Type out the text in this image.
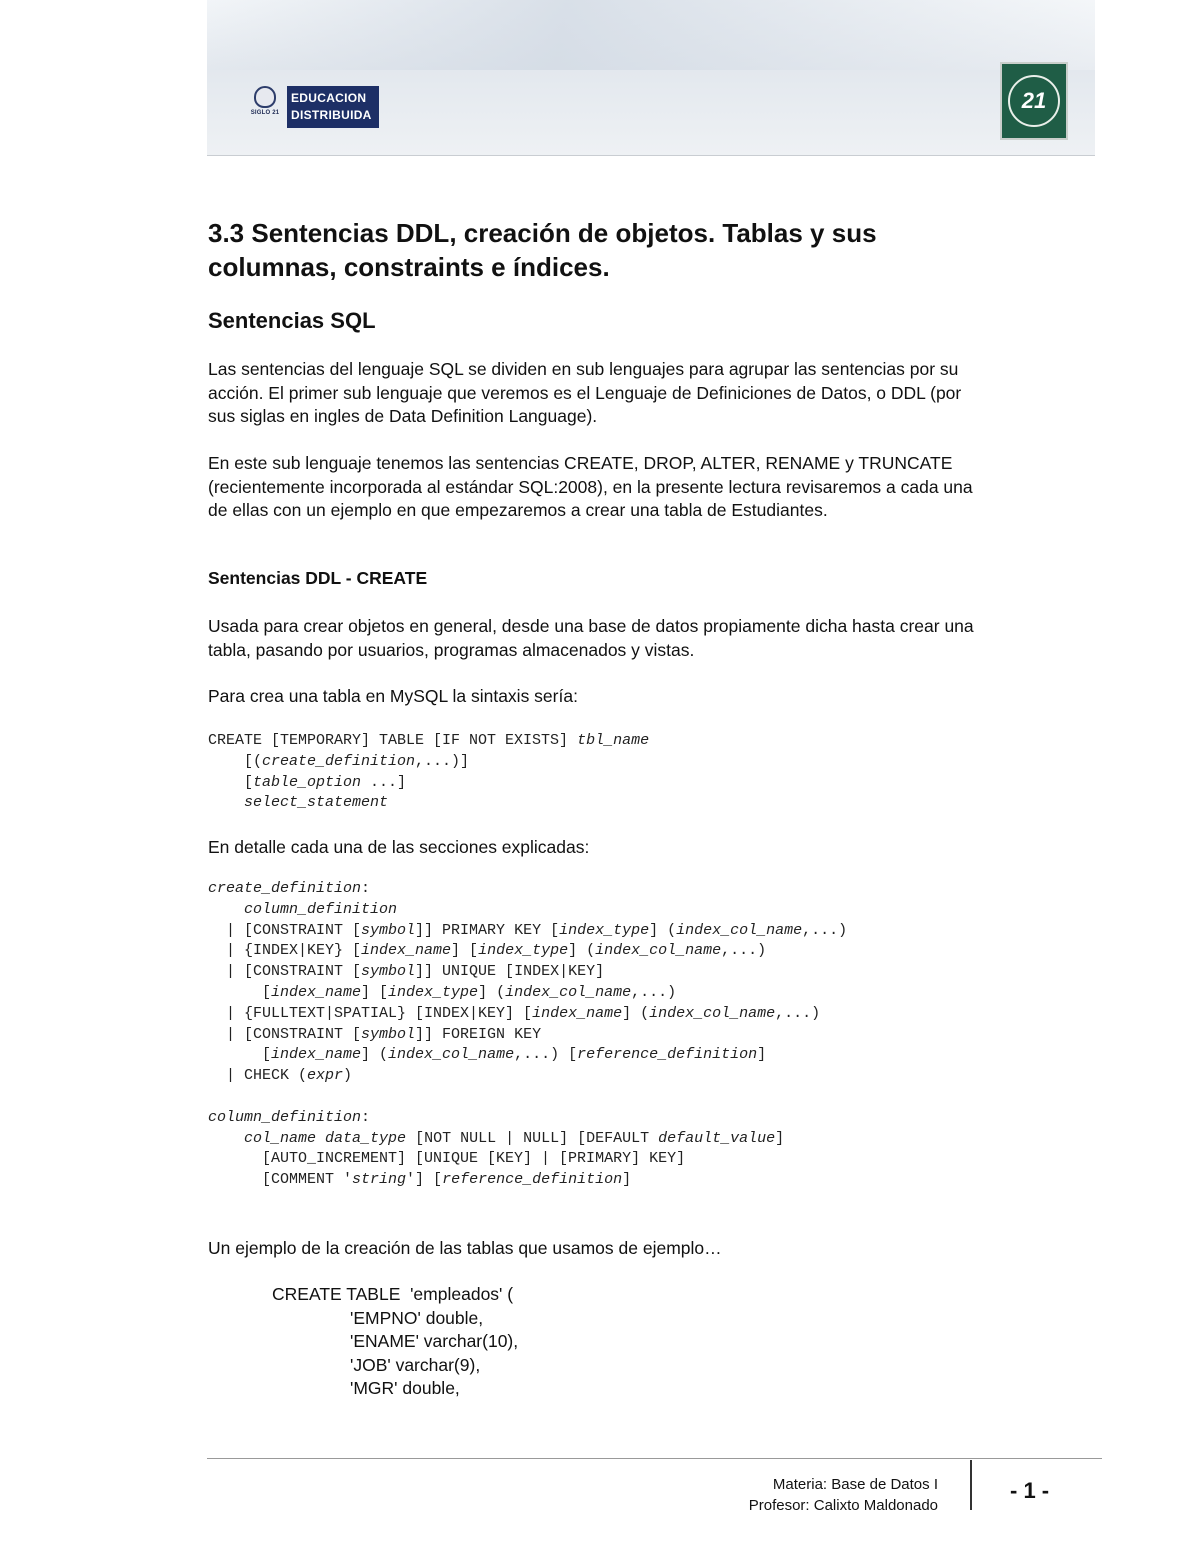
SIGLO 21
EDUCACION
DISTRIBUIDA
21
3.3 Sentencias DDL, creación de objetos. Tablas y sus
columnas, constraints e índices.
Sentencias SQL

Las sentencias del lenguaje SQL se dividen en sub lenguajes para agrupar las sentencias por su
acción. El primer sub lenguaje que veremos es el Lenguaje de Definiciones de Datos, o DDL (por
sus siglas en ingles de Data Definition Language).

En este sub lenguaje tenemos las sentencias CREATE, DROP, ALTER, RENAME y TRUNCATE
(recientemente incorporada al estándar SQL:2008), en la presente lectura revisaremos a cada una
de ellas con un ejemplo en que empezaremos a crear una tabla de Estudiantes.

Sentencias DDL - CREATE

Usada para crear objetos en general, desde una base de datos propiamente dicha hasta crear una
tabla, pasando por usuarios, programas almacenados y vistas.

Para crea una tabla en MySQL la sintaxis sería:

CREATE [TEMPORARY] TABLE [IF NOT EXISTS] tbl_name
[(create_definition,...)]
[table_option ...]
select_statement

En detalle cada una de las secciones explicadas:

create_definition:
column_definition
| [CONSTRAINT [symbol]] PRIMARY KEY [index_type] (index_col_name,...)
| {INDEX|KEY} [index_name] [index_type] (index_col_name,...)
| [CONSTRAINT [symbol]] UNIQUE [INDEX|KEY]
[index_name] [index_type] (index_col_name,...)
| {FULLTEXT|SPATIAL} [INDEX|KEY] [index_name] (index_col_name,...)
| [CONSTRAINT [symbol]] FOREIGN KEY
[index_name] (index_col_name,...) [reference_definition]
| CHECK (expr)

column_definition:
col_name data_type [NOT NULL | NULL] [DEFAULT default_value]
[AUTO_INCREMENT] [UNIQUE [KEY] | [PRIMARY] KEY]
[COMMENT 'string'] [reference_definition]

Un ejemplo de la creación de las tablas que usamos de ejemplo…

CREATE TABLE  'empleados' (
'EMPNO' double,
'ENAME' varchar(10),
'JOB' varchar(9),
'MGR' double,
Materia: Base de Datos I
Profesor: Calixto Maldonado
- 1 -
